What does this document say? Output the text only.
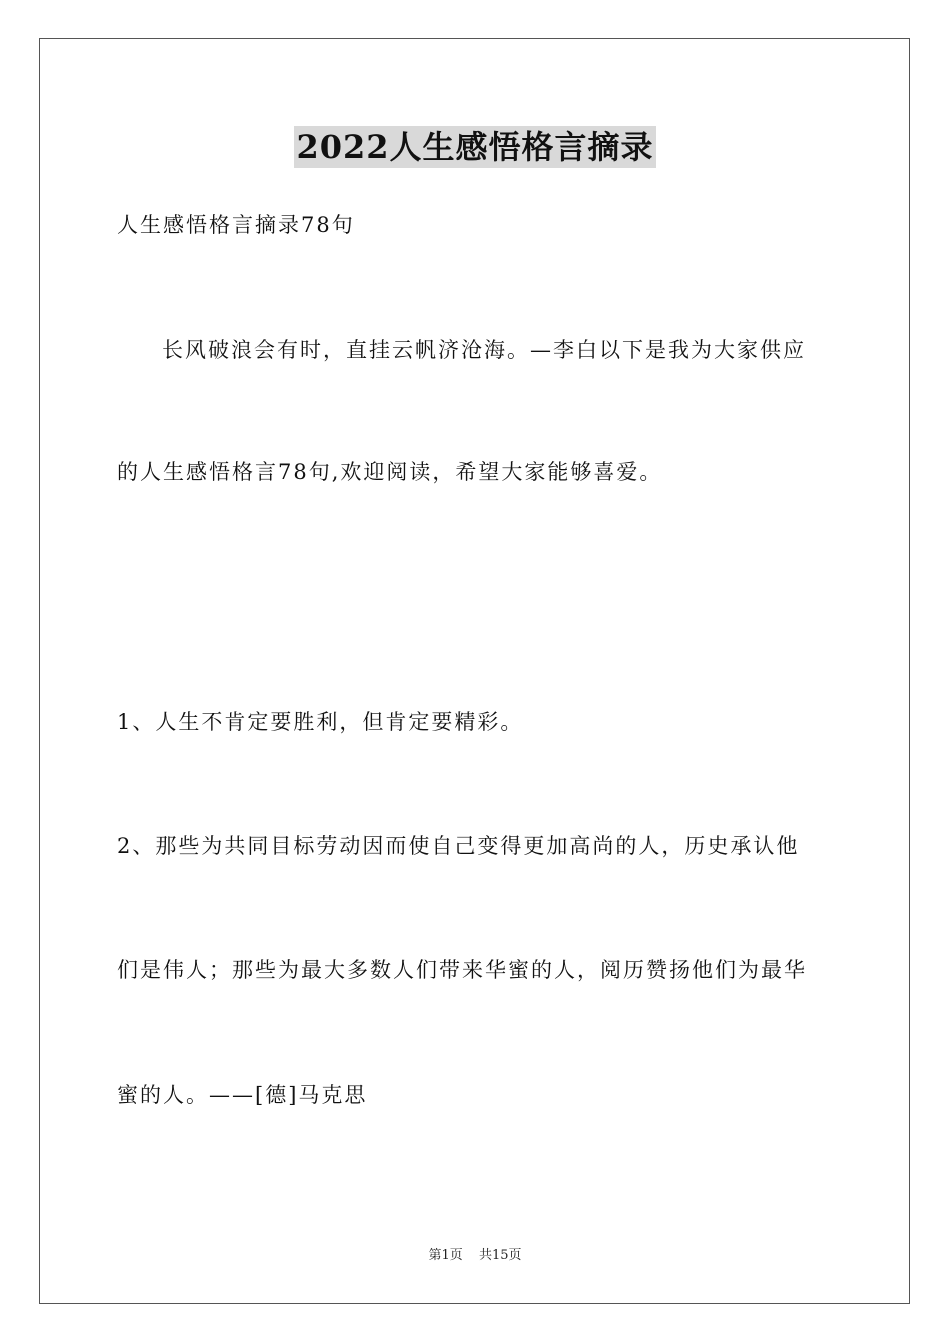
2022人生感悟格言摘录
人生感悟格言摘录78句
长风破浪会有时，直挂云帆济沧海。—李白以下是我为大家供应
的人生感悟格言78句,欢迎阅读，希望大家能够喜爱。
1、人生不肯定要胜利，但肯定要精彩。
2、那些为共同目标劳动因而使自己变得更加高尚的人，历史承认他
们是伟人；那些为最大多数人们带来华蜜的人，阅历赞扬他们为最华
蜜的人。——[德]马克思
第1页 共15页
